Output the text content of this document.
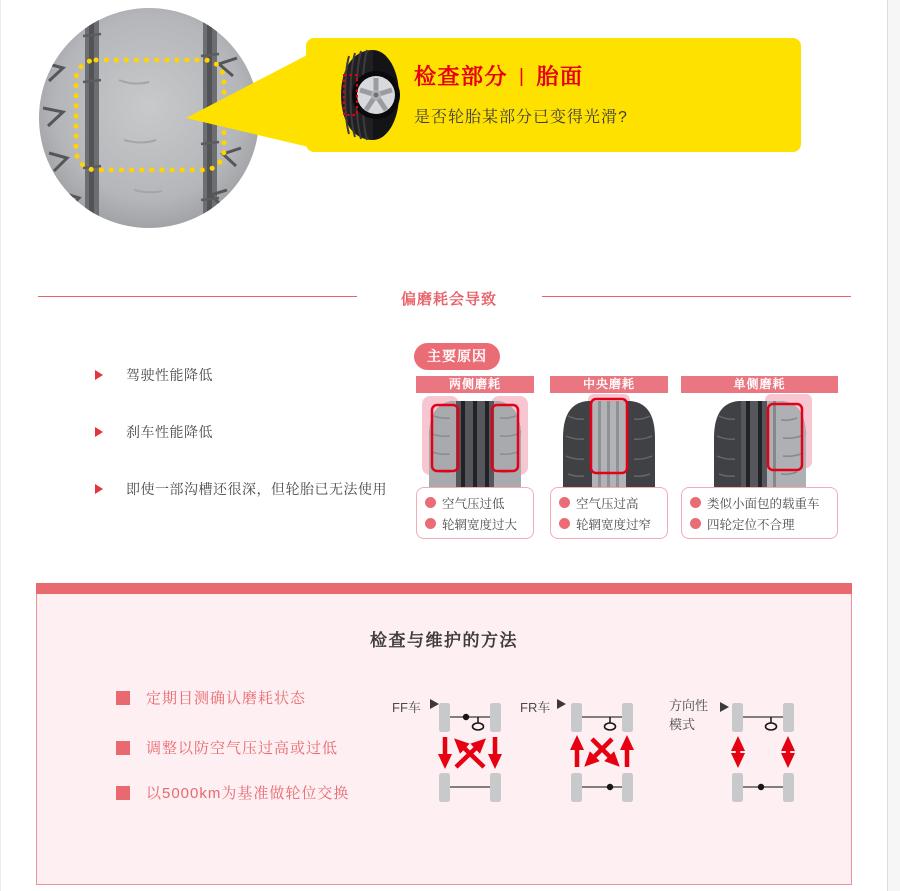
检查部分 | 胎面
是否轮胎某部分已变得光滑?
偏磨耗会导致
驾驶性能降低
刹车性能降低
即使一部沟槽还很深，但轮胎已无法使用
主要原因
两侧磨耗
空气压过低
轮辋宽度过大
中央磨耗
空气压过高
轮辋宽度过窄
单侧磨耗
类似小面包的载重车
四轮定位不合理
检查与维护的方法
定期目测确认磨耗状态
调整以防空气压过高或过低
以5000km为基准做轮位交换
FF车	FR车	方向性
模式
